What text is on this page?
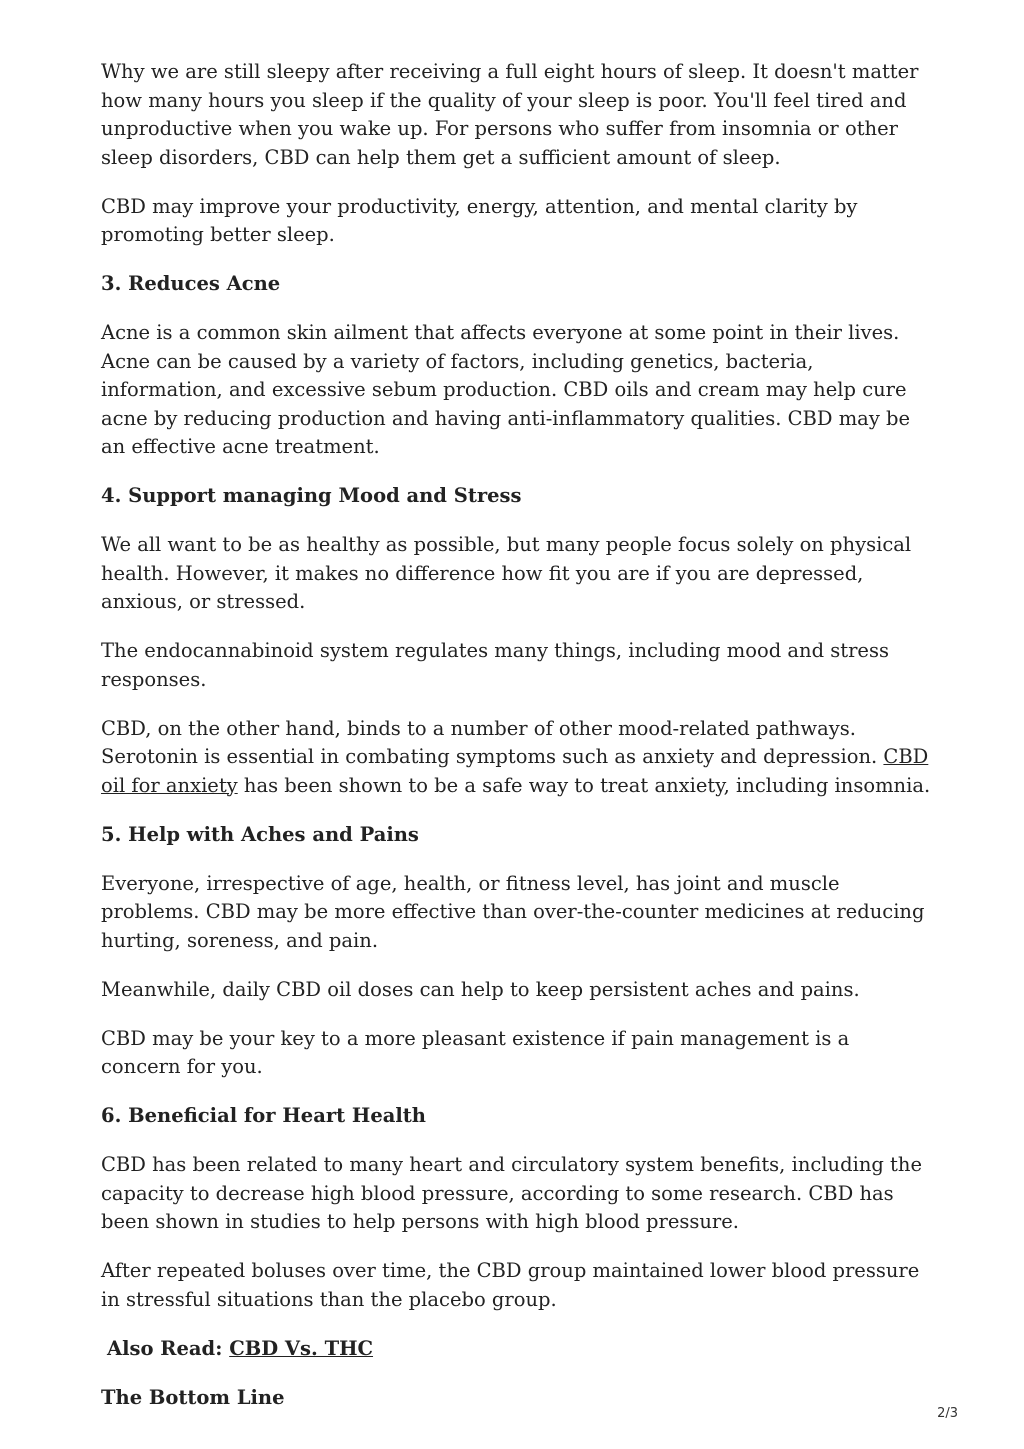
Why we are still sleepy after receiving a full eight hours of sleep. It doesn't matter how many hours you sleep if the quality of your sleep is poor. You'll feel tired and unproductive when you wake up. For persons who suffer from insomnia or other sleep disorders, CBD can help them get a sufficient amount of sleep.

CBD may improve your productivity, energy, attention, and mental clarity by promoting better sleep.

3. Reduces Acne

Acne is a common skin ailment that affects everyone at some point in their lives. Acne can be caused by a variety of factors, including genetics, bacteria, information, and excessive sebum production. CBD oils and cream may help cure acne by reducing production and having anti-inflammatory qualities. CBD may be an effective acne treatment.

4. Support managing Mood and Stress

We all want to be as healthy as possible, but many people focus solely on physical health. However, it makes no difference how fit you are if you are depressed, anxious, or stressed.

The endocannabinoid system regulates many things, including mood and stress responses.

CBD, on the other hand, binds to a number of other mood-related pathways. Serotonin is essential in combating symptoms such as anxiety and depression. CBD oil for anxiety has been shown to be a safe way to treat anxiety, including insomnia.

5. Help with Aches and Pains

Everyone, irrespective of age, health, or fitness level, has joint and muscle problems. CBD may be more effective than over-the-counter medicines at reducing hurting, soreness, and pain.

Meanwhile, daily CBD oil doses can help to keep persistent aches and pains.

CBD may be your key to a more pleasant existence if pain management is a concern for you.

6. Beneficial for Heart Health

CBD has been related to many heart and circulatory system benefits, including the capacity to decrease high blood pressure, according to some research. CBD has been shown in studies to help persons with high blood pressure.

After repeated boluses over time, the CBD group maintained lower blood pressure in stressful situations than the placebo group.

Also Read: CBD Vs. THC
The Bottom Line
2/3
